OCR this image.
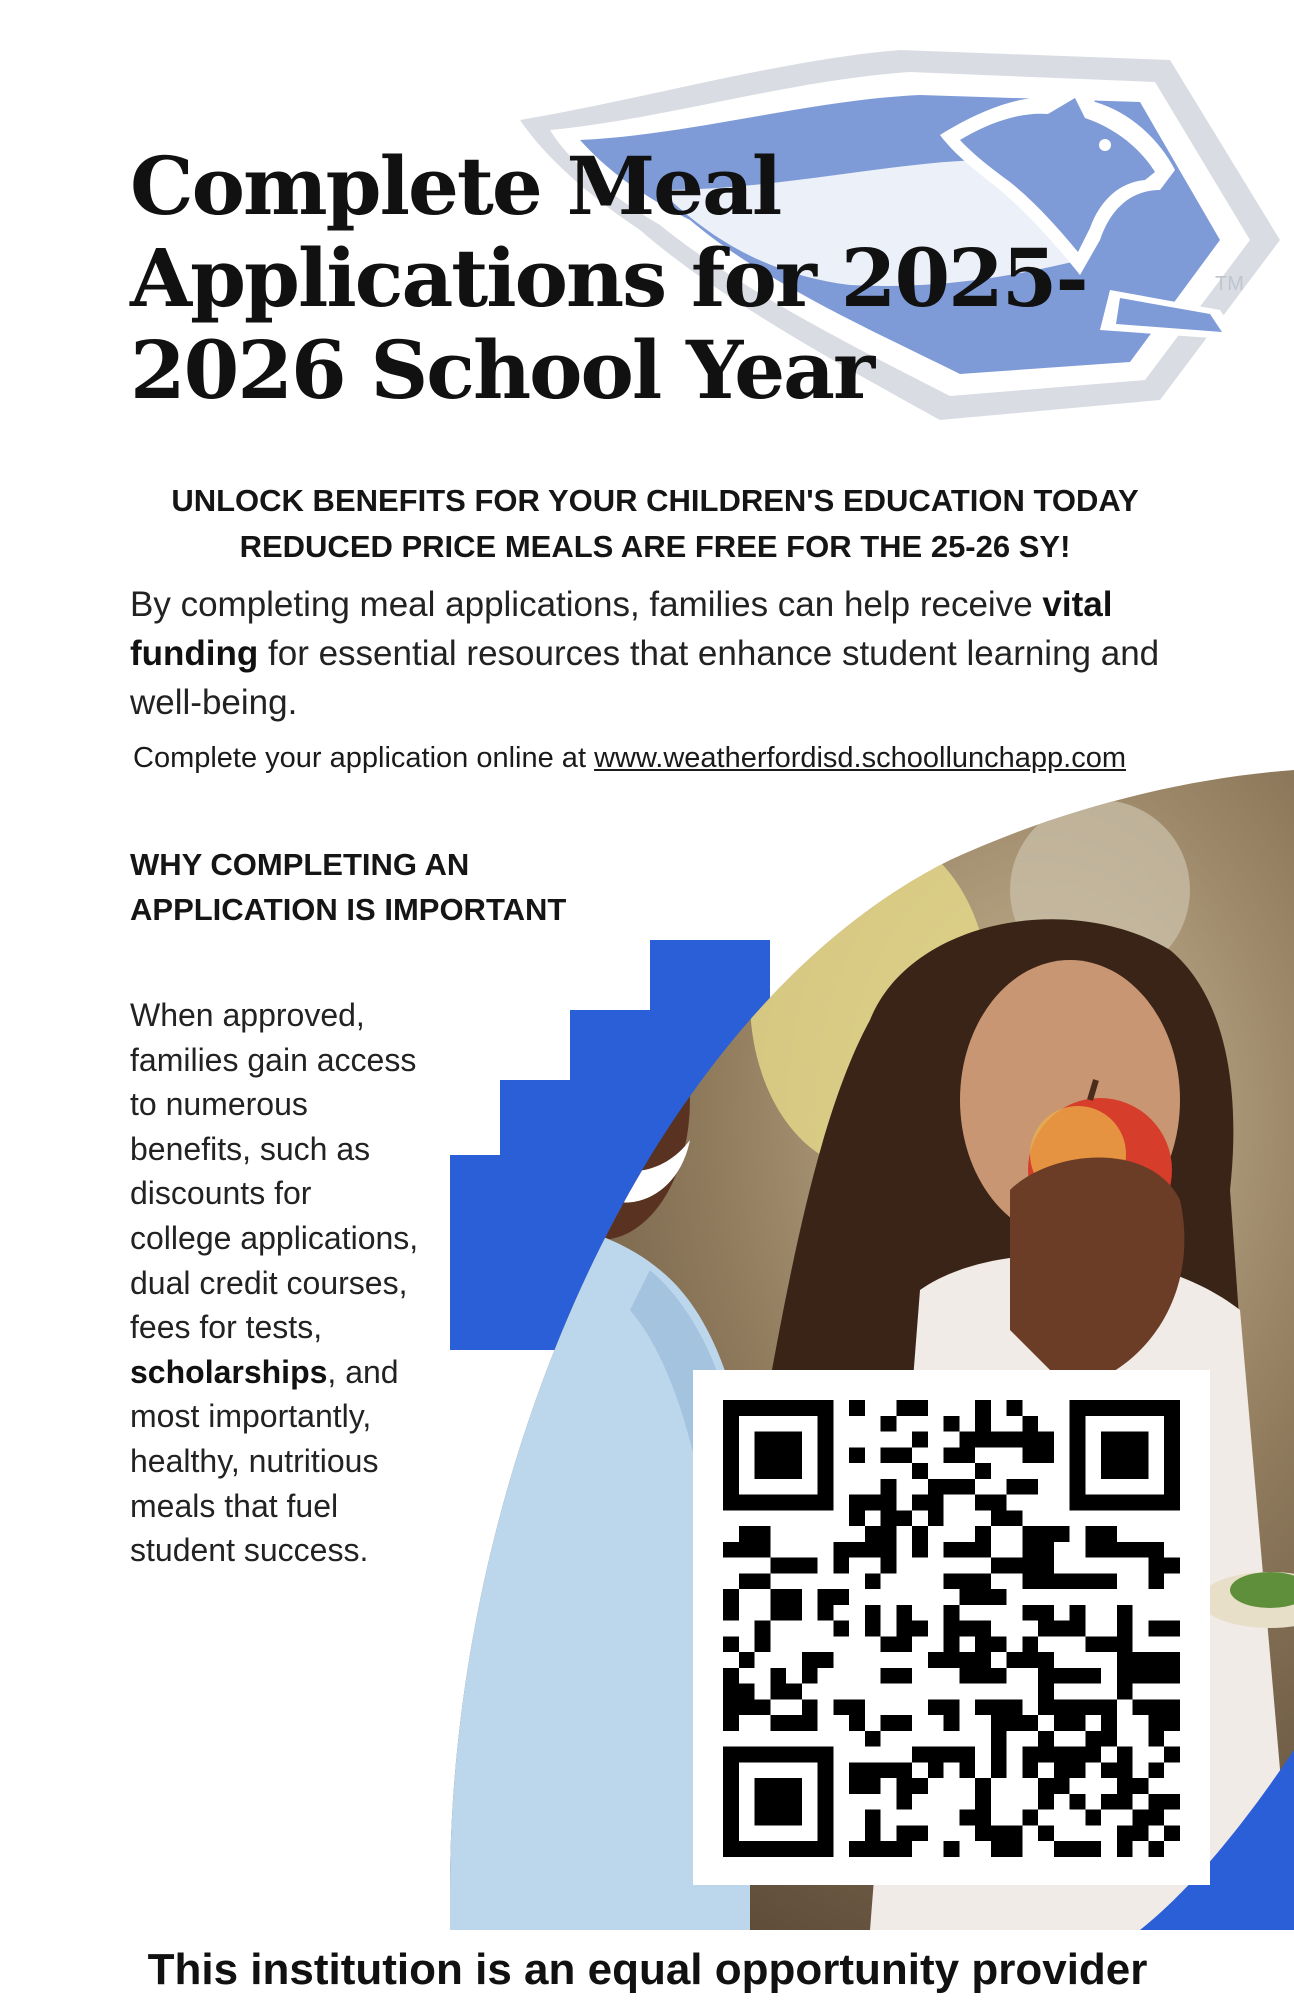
TM
Complete Meal
Applications for 2025-
2026 School Year
UNLOCK BENEFITS FOR YOUR CHILDREN'S EDUCATION TODAY
REDUCED PRICE MEALS ARE FREE FOR THE 25-26 SY!

By completing meal applications, families can help receive vital funding for essential resources that enhance student learning and well-being.

Complete your application online at www.weatherfordisd.schoollunchapp.com
WHY COMPLETING AN
APPLICATION IS IMPORTANT

When approved, families gain access to numerous benefits, such as discounts for college applications, dual credit courses, fees for tests, scholarships, and most importantly, healthy, nutritious meals that fuel student success.

This institution is an equal opportunity provider
